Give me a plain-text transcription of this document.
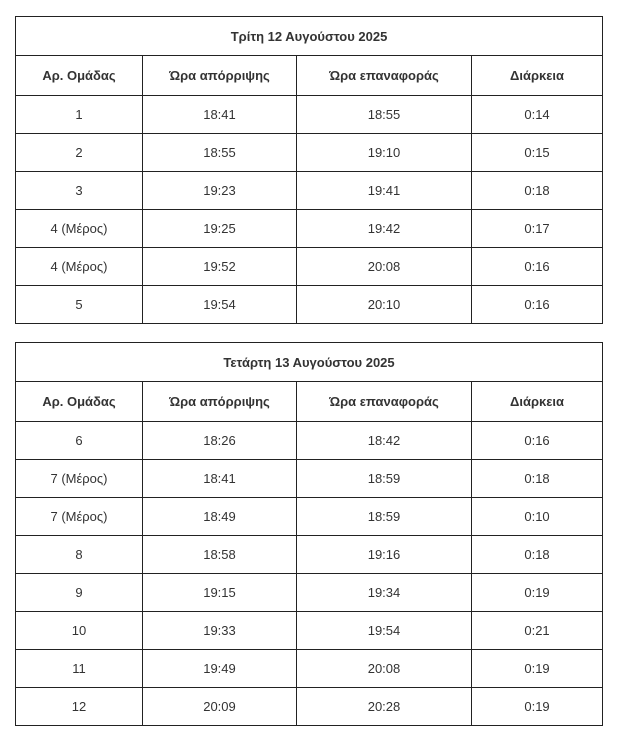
Τρίτη 12 Αυγούστου 2025			
Αρ. Ομάδας	Ώρα απόρριψης	Ώρα επαναφοράς	Διάρκεια
1	18:41	18:55	0:14
2	18:55	19:10	0:15
3	19:23	19:41	0:18
4 (Μέρος)	19:25	19:42	0:17
4 (Μέρος)	19:52	20:08	0:16
5	19:54	20:10	0:16
Τετάρτη 13 Αυγούστου 2025			
Αρ. Ομάδας	Ώρα απόρριψης	Ώρα επαναφοράς	Διάρκεια
6	18:26	18:42	0:16
7 (Μέρος)	18:41	18:59	0:18
7 (Μέρος)	18:49	18:59	0:10
8	18:58	19:16	0:18
9	19:15	19:34	0:19
10	19:33	19:54	0:21
11	19:49	20:08	0:19
12	20:09	20:28	0:19
